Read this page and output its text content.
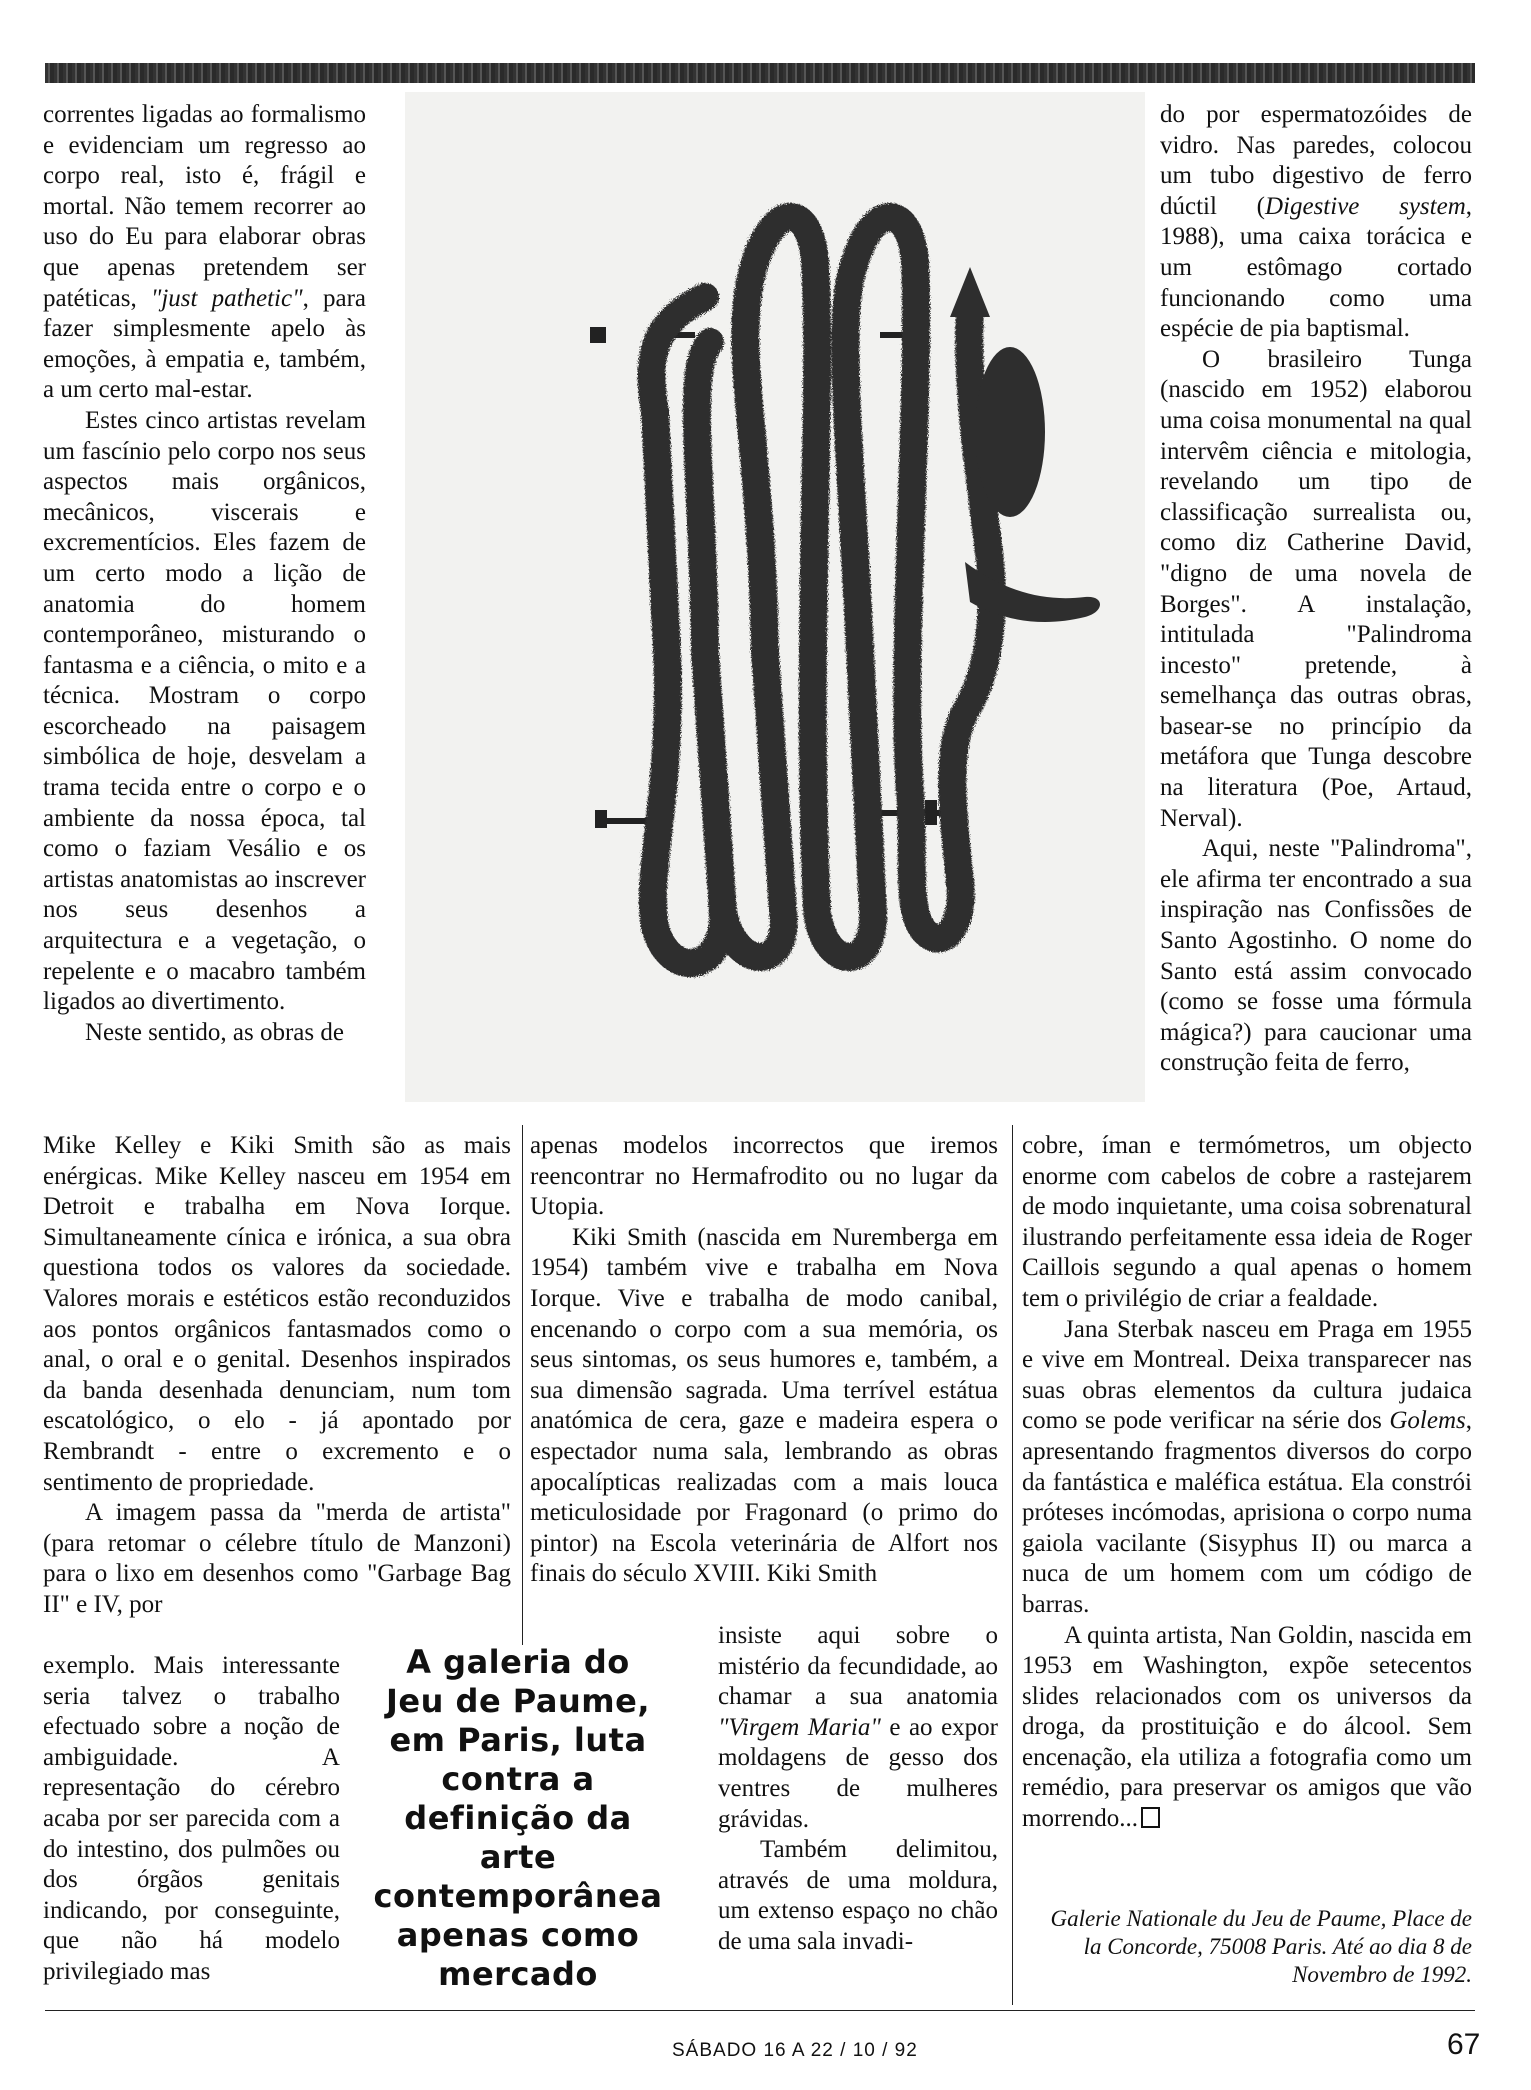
correntes ligadas ao formalismo e evidenciam um regresso ao corpo real, isto é, frágil e mortal. Não temem recorrer ao uso do Eu para elaborar obras que apenas pretendem ser patéticas, "just pathetic", para fazer simplesmente apelo às emoções, à empatia e, também, a um certo mal-estar.

Estes cinco artistas revelam um fascínio pelo corpo nos seus aspectos mais orgânicos, mecânicos, viscerais e excrementícios. Eles fazem de um certo modo a lição de anatomia do homem contemporâneo, misturando o fantasma e a ciência, o mito e a técnica. Mostram o corpo escorcheado na paisagem simbólica de hoje, desvelam a trama tecida entre o corpo e o ambiente da nossa época, tal como o faziam Vesálio e os artistas anatomistas ao inscrever nos seus desenhos a arquitectura e a vegetação, o repelente e o macabro também ligados ao divertimento.

Neste sentido, as obras de

Mike Kelley e Kiki Smith são as mais enérgicas. Mike Kelley nasceu em 1954 em Detroit e trabalha em Nova Iorque. Simultaneamente cínica e irónica, a sua obra questiona todos os valores da sociedade. Valores morais e estéticos estão reconduzidos aos pontos orgânicos fantasmados como o anal, o oral e o genital. Desenhos inspirados da banda desenhada denunciam, num tom escatológico, o elo - já apontado por Rembrandt - entre o excremento e o sentimento de propriedade.

A imagem passa da "merda de artista" (para retomar o célebre título de Manzoni) para o lixo em desenhos como "Garbage Bag II" e IV, por

exemplo. Mais interessante seria talvez o trabalho efectuado sobre a noção de ambiguidade. A representação do cérebro acaba por ser parecida com a do intestino, dos pulmões ou dos órgãos genitais indicando, por conseguinte, que não há modelo privilegiado mas

apenas modelos incorrectos que iremos reencontrar no Hermafrodito ou no lugar da Utopia.

Kiki Smith (nascida em Nuremberga em 1954) também vive e trabalha em Nova Iorque. Vive e trabalha de modo canibal, encenando o corpo com a sua memória, os seus sintomas, os seus humores e, também, a sua dimensão sagrada. Uma terrível estátua anatómica de cera, gaze e madeira espera o espectador numa sala, lembrando as obras apocalípticas realizadas com a mais louca meticulosidade por Fragonard (o primo do pintor) na Escola veterinária de Alfort nos finais do século XVIII. Kiki Smith

A galeria do Jeu de Paume, em Paris, luta contra a definição da arte contemporânea apenas como mercado

insiste aqui sobre o mistério da fecundidade, ao chamar a sua anatomia "Virgem Maria" e ao expor moldagens de gesso dos ventres de mulheres grávidas.

Também delimitou, através de uma moldura, um extenso espaço no chão de uma sala invadi-

do por espermatozóides de vidro. Nas paredes, colocou um tubo digestivo de ferro dúctil (Digestive system, 1988), uma caixa torácica e um estômago cortado funcionando como uma espécie de pia baptismal.

O brasileiro Tunga (nascido em 1952) elaborou uma coisa monumental na qual intervêm ciência e mitologia, revelando um tipo de classificação surrealista ou, como diz Catherine David, "digno de uma novela de Borges". A instalação, intitulada "Palindroma incesto" pretende, à semelhança das outras obras, basear-se no princípio da metáfora que Tunga descobre na literatura (Poe, Artaud, Nerval).

Aqui, neste "Palindroma", ele afirma ter encontrado a sua inspiração nas Confissões de Santo Agostinho. O nome do Santo está assim convocado (como se fosse uma fórmula mágica?) para caucionar uma construção feita de ferro,

cobre, íman e termómetros, um objecto enorme com cabelos de cobre a rastejarem de modo inquietante, uma coisa sobrenatural ilustrando perfeitamente essa ideia de Roger Caillois segundo a qual apenas o homem tem o privilégio de criar a fealdade.

Jana Sterbak nasceu em Praga em 1955 e vive em Montreal. Deixa transparecer nas suas obras elementos da cultura judaica como se pode verificar na série dos Golems, apresentando fragmentos diversos do corpo da fantástica e maléfica estátua. Ela constrói próteses incómodas, aprisiona o corpo numa gaiola vacilante (Sisyphus II) ou marca a nuca de um homem com um código de barras.

A quinta artista, Nan Goldin, nascida em 1953 em Washington, expõe setecentos slides relacionados com os universos da droga, da prostituição e do álcool. Sem encenação, ela utiliza a fotografia como um remédio, para preservar os amigos que vão morrendo...

Galerie Nationale du Jeu de Paume, Place de la Concorde, 75008 Paris. Até ao dia 8 de Novembro de 1992.
SÁBADO 16 A 22 / 10 / 92	67
